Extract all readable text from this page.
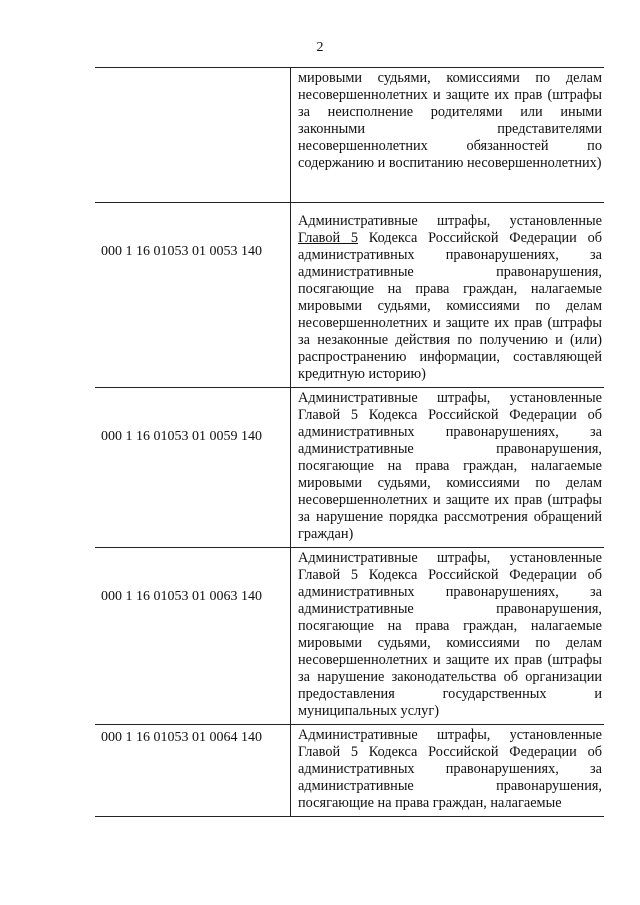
2
	мировыми судьями, комиссиями по делам несовершеннолетних и защите их прав (штрафы за неисполнение родителями или иными законными представителями несовершеннолетних обязанностей по содержанию и воспитанию несовершеннолетних)
000 1 16 01053 01 0053 140	Административные штрафы, установленные Главой 5 Кодекса Российской Федерации об административных правонарушениях, за административные правонарушения, посягающие на права граждан, налагаемые мировыми судьями, комиссиями по делам несовершеннолетних и защите их прав (штрафы за незаконные действия по получению и (или) распространению информации, составляющей кредитную историю)
000 1 16 01053 01 0059 140	Административные штрафы, установленные Главой 5 Кодекса Российской Федерации об административных правонарушениях, за административные правонарушения, посягающие на права граждан, налагаемые мировыми судьями, комиссиями по делам несовершеннолетних и защите их прав (штрафы за нарушение порядка рассмотрения обращений граждан)
000 1 16 01053 01 0063 140	Административные штрафы, установленные Главой 5 Кодекса Российской Федерации об административных правонарушениях, за административные правонарушения, посягающие на права граждан, налагаемые мировыми судьями, комиссиями по делам несовершеннолетних и защите их прав (штрафы за нарушение законодательства об организации предоставления государственных и муниципальных услуг)
000 1 16 01053 01 0064 140	Административные штрафы, установленные Главой 5 Кодекса Российской Федерации об административных правонарушениях, за административные правонарушения, посягающие на права граждан, налагаемые
